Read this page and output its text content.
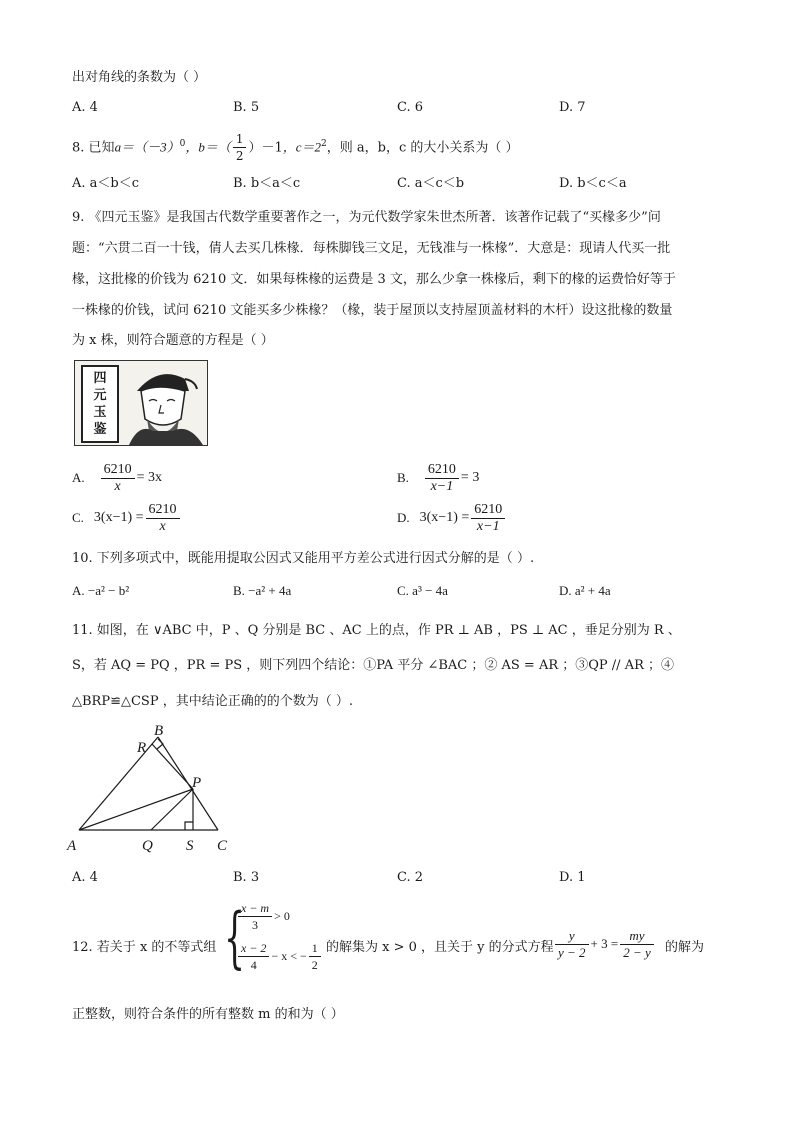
出对角线的条数为（ ）
A. 4	B. 5	C. 6	D. 7
8. 已知$a=(-3)^0$，$b=( \frac{1}{2} )-1$，$c=2^2$，则 a，b，c 的大小关系为（ ）
A. a＜b＜c	B. b＜a＜c	C. a＜c＜b	D. b＜c＜a
9. 《四元玉鉴》是我国古代数学重要著作之一，为元代数学家朱世杰所著．该著作记载了“买椽多少”问
题：“六贯二百一十钱，倩人去买几株椽．每株脚钱三文足，无钱准与一株椽”．大意是：现请人代买一批
椽，这批椽的价钱为 6210 文．如果每株椽的运费是 3 文，那么少拿一株椽后，剩下的椽的运费恰好等于
一株椽的价钱，试问 6210 文能买多少株椽？（椽，装于屋顶以支持屋顶盖材料的木杆）设这批椽的数量
为 x 株，则符合题意的方程是（ ）
四
元
玉
鉴
A. $\frac{6210}{x} = 3x$	B. $\frac{6210}{x-1} = 3$
C. $3(x-1) = \frac{6210}{x}$	D. $3(x-1) = \frac{6210}{x-1}$
10. 下列多项式中，既能用提取公因式又能用平方差公式进行因式分解的是（ ）.
A. −a² − b²	B. −a² + 4a	C. a³ − 4a	D. a² + 4a
11. 如图，在 ∨ABC 中，P 、Q 分别是 BC 、AC 上的点，作 PR ⊥ AB ，PS ⊥ AC ，垂足分别为 R 、
S，若 AQ = PQ ，PR = PS ，则下列四个结论：①PA 平分 ∠BAC ；② AS = AR ；③QP // AR ；④
△BRP≌△CSP ，其中结论正确的的个数为（ ）.
A
B
C
P
Q
R
S
A. 4	B. 3	C. 2	D. 1
12. 若关于 x 的不等式组 {
$\frac{x - m}{3} > 0$
$\frac{x - 2}{4} - x$ < − $\frac{1}{2}$ 的解集为 x > 0 ，且关于 y 的分式方程 $\frac{y}{y - 2} + 3 = \frac{my}{2 - y}$ 的解为
正整数，则符合条件的所有整数 m 的和为（ ）
